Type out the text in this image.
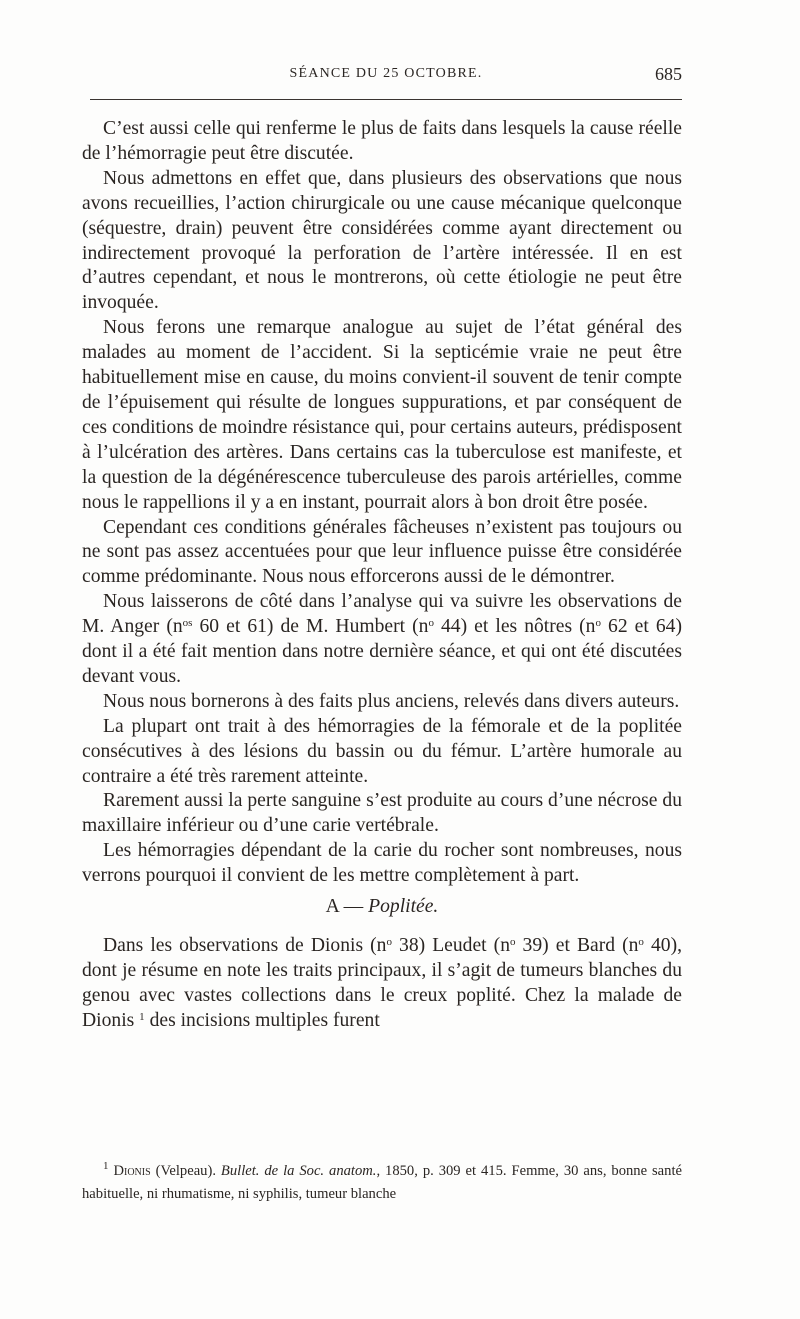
SÉANCE DU 25 OCTOBRE.	685

C’est aussi celle qui renferme le plus de faits dans lesquels la cause réelle de l’hémorragie peut être discutée.

Nous admettons en effet que, dans plusieurs des observations que nous avons recueillies, l’action chirurgicale ou une cause mécanique quelconque (séquestre, drain) peuvent être considérées comme ayant directement ou indirectement provoqué la perforation de l’artère intéressée. Il en est d’autres cependant, et nous le montrerons, où cette étiologie ne peut être invoquée.

Nous ferons une remarque analogue au sujet de l’état général des malades au moment de l’accident. Si la septicémie vraie ne peut être habituellement mise en cause, du moins convient-il souvent de tenir compte de l’épuisement qui résulte de longues suppurations, et par conséquent de ces conditions de moindre résistance qui, pour certains auteurs, prédisposent à l’ulcération des artères. Dans certains cas la tuberculose est manifeste, et la question de la dégénérescence tuberculeuse des parois artérielles, comme nous le rappellions il y a en instant, pourrait alors à bon droit être posée.

Cependant ces conditions générales fâcheuses n’existent pas toujours ou ne sont pas assez accentuées pour que leur influence puisse être considérée comme prédominante. Nous nous efforcerons aussi de le démontrer.

Nous laisserons de côté dans l’analyse qui va suivre les observations de M. Anger ($n^{os}$ 60 et 61) de M. Humbert ($n^o$ 44) et les nôtres ($n^o$ 62 et 64) dont il a été fait mention dans notre dernière séance, et qui ont été discutées devant vous.

Nous nous bornerons à des faits plus anciens, relevés dans divers auteurs.

La plupart ont trait à des hémorragies de la fémorale et de la poplitée consécutives à des lésions du bassin ou du fémur. L’artère humorale au contraire a été très rarement atteinte.

Rarement aussi la perte sanguine s’est produite au cours d’une nécrose du maxillaire inférieur ou d’une carie vertébrale.

Les hémorragies dépendant de la carie du rocher sont nombreuses, nous verrons pourquoi il convient de les mettre complètement à part.

A — Poplitée.

Dans les observations de Dionis ($n^o$ 38) Leudet ($n^o$ 39) et Bard ($n^o$ 40), dont je résume en note les traits principaux, il s’agit de tumeurs blanches du genou avec vastes collections dans le creux poplité. Chez la malade de Dionis $^1$ des incisions multiples furent

$^1$ Dionis (Velpeau). Bullet. de la Soc. anatom., 1850, p. 309 et 415. Femme, 30 ans, bonne santé habituelle, ni rhumatisme, ni syphilis, tumeur blanche
